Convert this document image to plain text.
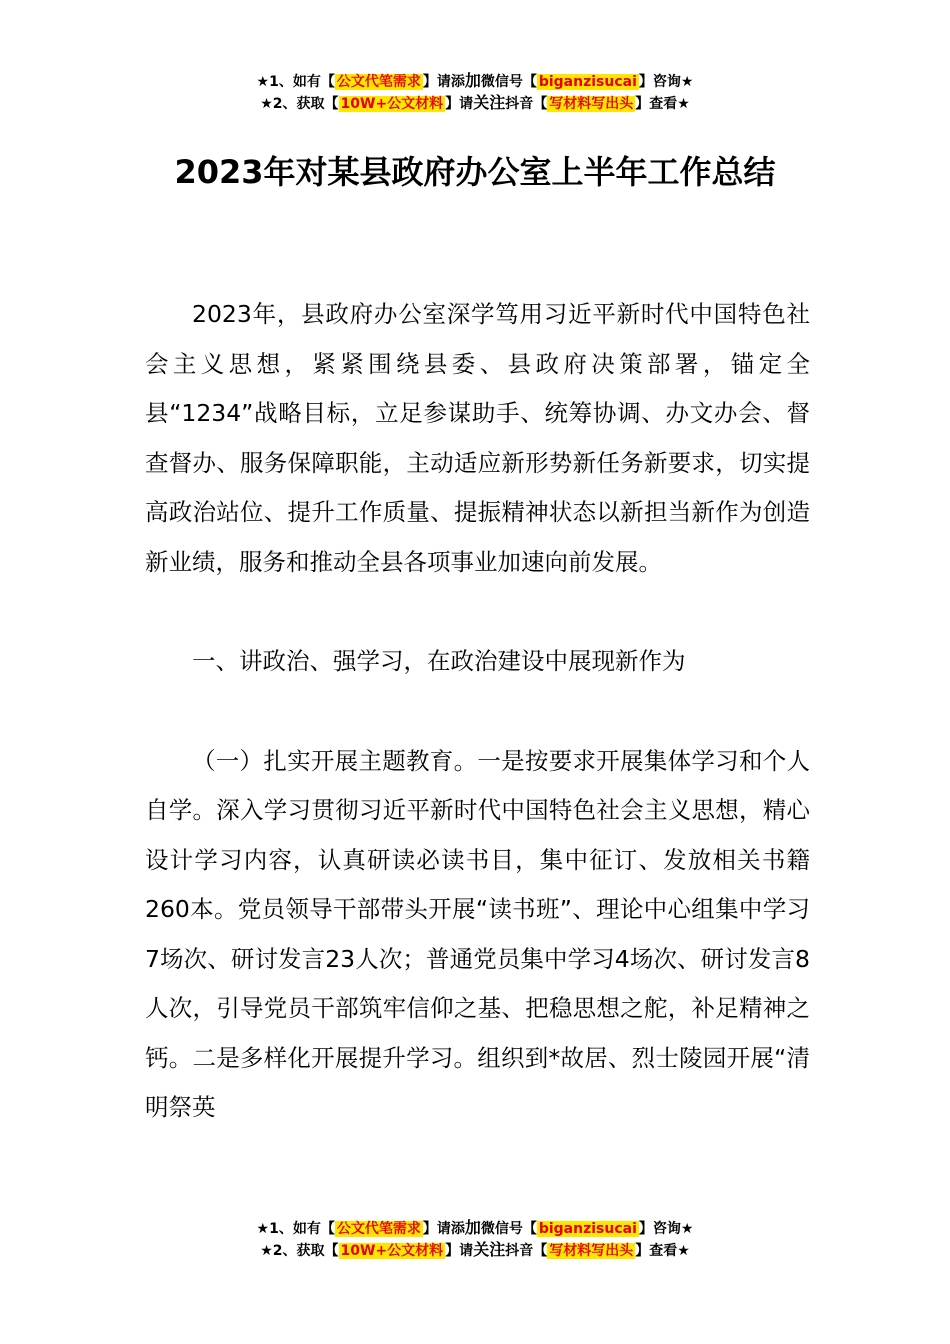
★1、如有【 公文代笔需求 】请添加微信号【 biganzisucai 】咨询★
★2、获取【 10W+公文材料 】请关注抖音【 写材料写出头 】查看★
2023年对某县政府办公室上半年工作总结

2023年，县政府办公室深学笃用习近平新时代中国特色社会主义思想，紧紧围绕县委、县政府决策部署，锚定全县“1234”战略目标，立足参谋助手、统筹协调、办文办会、督查督办、服务保障职能，主动适应新形势新任务新要求，切实提高政治站位、提升工作质量、提振精神状态以新担当新作为创造新业绩，服务和推动全县各项事业加速向前发展。

一、讲政治、强学习，在政治建设中展现新作为

（一）扎实开展主题教育。一是按要求开展集体学习和个人自学。深入学习贯彻习近平新时代中国特色社会主义思想，精心设计学习内容，认真研读必读书目，集中征订、发放相关书籍260本。党员领导干部带头开展“读书班”、理论中心组集中学习7场次、研讨发言23人次；普通党员集中学习4场次、研讨发言8人次，引导党员干部筑牢信仰之基、把稳思想之舵，补足精神之钙。二是多样化开展提升学习。组织到*故居、烈士陵园开展“清明祭英

★1、如有【 公文代笔需求 】请添加微信号【 biganzisucai 】咨询★
★2、获取【 10W+公文材料 】请关注抖音【 写材料写出头 】查看★
